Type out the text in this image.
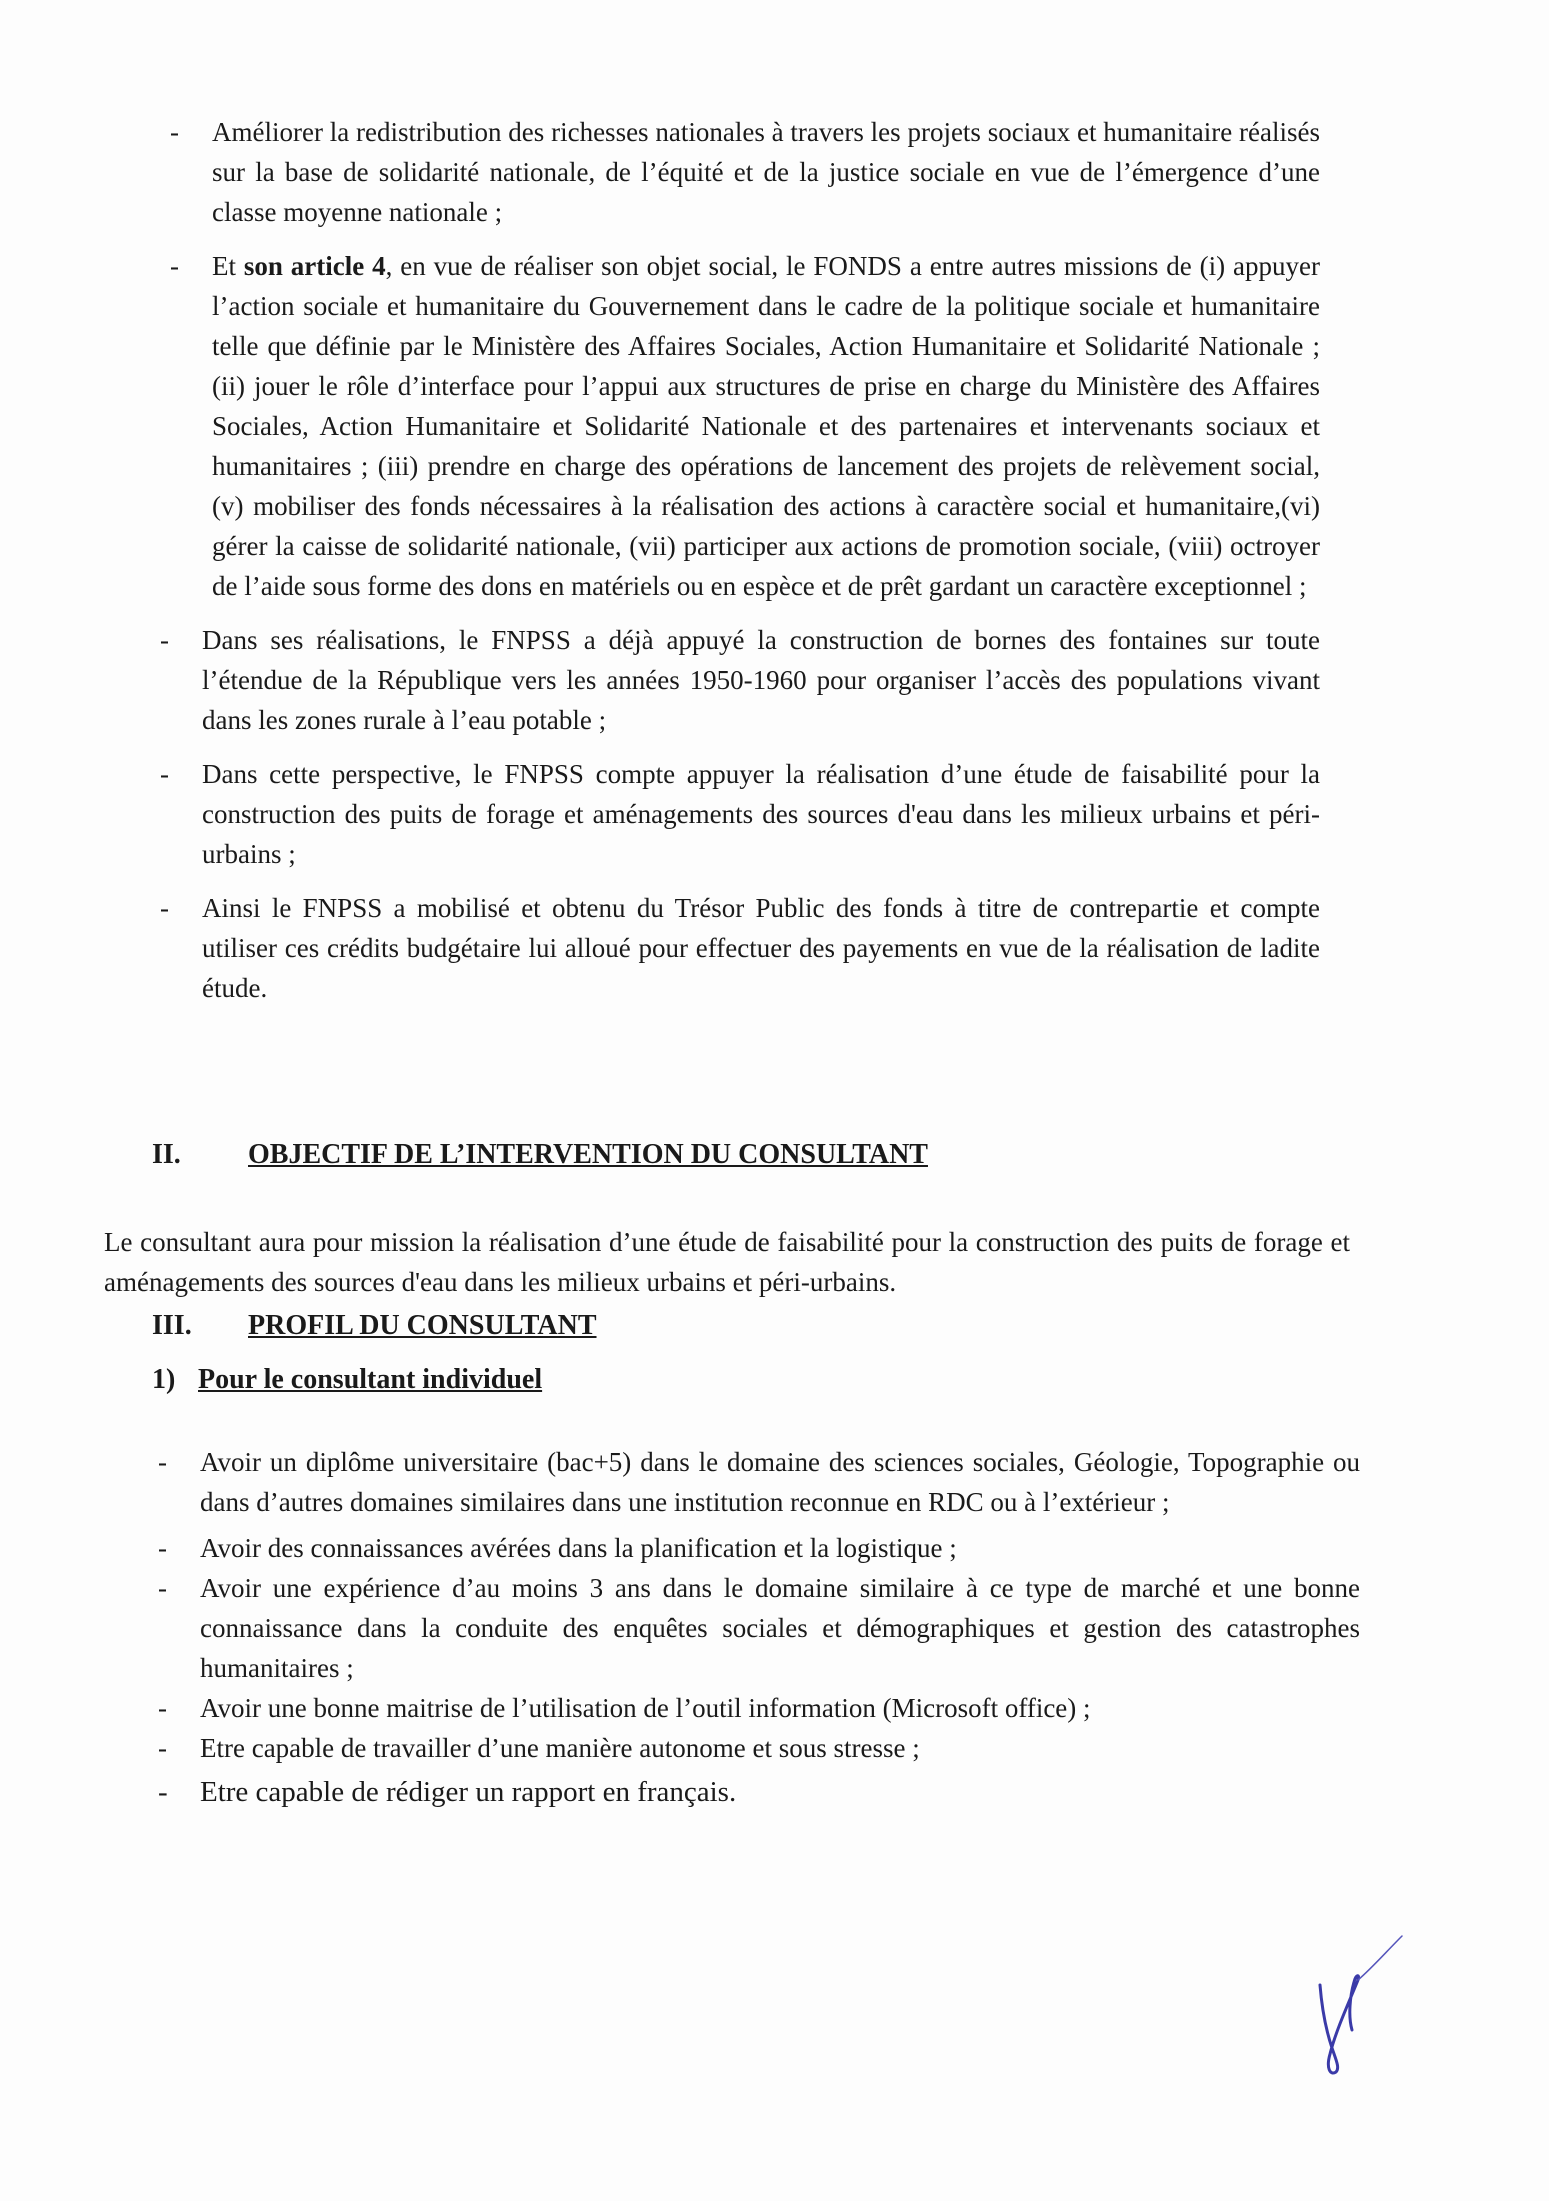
- Améliorer la redistribution des richesses nationales à travers les projets sociaux et humanitaire réalisés sur la base de solidarité nationale, de l’équité et de la justice sociale en vue de l’émergence d’une classe moyenne nationale ;
- Et son article 4, en vue de réaliser son objet social, le FONDS a entre autres missions de (i) appuyer l’action sociale et humanitaire du Gouvernement dans le cadre de la politique sociale et humanitaire telle que définie par le Ministère des Affaires Sociales, Action Humanitaire et Solidarité Nationale ; (ii) jouer le rôle d’interface pour l’appui aux structures de prise en charge du Ministère des Affaires Sociales, Action Humanitaire et Solidarité Nationale et des partenaires et intervenants sociaux et humanitaires ; (iii) prendre en charge des opérations de lancement des projets de relèvement social, (v) mobiliser des fonds nécessaires à la réalisation des actions à caractère social et humanitaire,(vi) gérer la caisse de solidarité nationale, (vii) participer aux actions de promotion sociale, (viii) octroyer de l’aide sous forme des dons en matériels ou en espèce et de prêt gardant un caractère exceptionnel ;
- Dans ses réalisations, le FNPSS a déjà appuyé la construction de bornes des fontaines sur toute l’étendue de la République vers les années 1950-1960 pour organiser l’accès des populations vivant dans les zones rurale à l’eau potable ;
- Dans cette perspective, le FNPSS compte appuyer la réalisation d’une étude de faisabilité pour la construction des puits de forage et aménagements des sources d'eau dans les milieux urbains et péri-urbains ;
- Ainsi le FNPSS a mobilisé et obtenu du Trésor Public des fonds à titre de contrepartie et compte utiliser ces crédits budgétaire lui alloué pour effectuer des payements en vue de la réalisation de ladite étude.
II. OBJECTIF DE L’INTERVENTION DU CONSULTANT

Le consultant aura pour mission la réalisation d’une étude de faisabilité pour la construction des puits de forage et aménagements des sources d'eau dans les milieux urbains et péri-urbains.

III. PROFIL DU CONSULTANT
1) Pour le consultant individuel
- Avoir un diplôme universitaire (bac+5) dans le domaine des sciences sociales, Géologie, Topographie ou dans d’autres domaines similaires dans une institution reconnue en RDC ou à l’extérieur ;
- Avoir des connaissances avérées dans la planification et la logistique ;
- Avoir une expérience d’au moins 3 ans dans le domaine similaire à ce type de marché et une bonne connaissance dans la conduite des enquêtes sociales et démographiques et gestion des catastrophes humanitaires ;
- Avoir une bonne maitrise de l’utilisation de l’outil information (Microsoft office) ;
- Etre capable de travailler d’une manière autonome et sous stresse ;
- Etre capable de rédiger un rapport en français.
